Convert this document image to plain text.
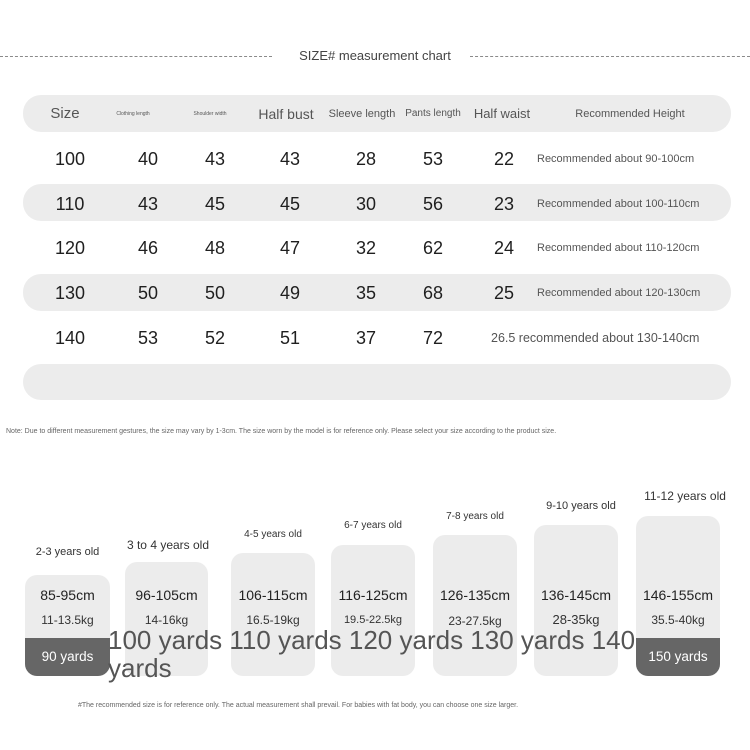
SIZE# measurement chart
Size	Clothing length	Shoulder width	Half bust	Sleeve length Pants length	Half waist	Recommended Height
100	40	43	43	28	53	22	Recommended about 90-100cm
110	43	45	45	30	56	23	Recommended about 100-110cm
120	46	48	47	32	62	24	Recommended about 110-120cm
130	50	50	49	35	68	25	Recommended about 120-130cm
140	53	52	51	37	72	26.5 recommended about 130-140cm
Note: Due to different measurement gestures, the size may vary by 1-3cm. The size worn by the model is for reference only. Please select your size according to the product size.
2-3 years old
85-95cm
11-13.5kg
90 yards
3 to 4 years old
96-105cm
14-16kg
4-5 years old
106-115cm
16.5-19kg
6-7 years old
116-125cm
19.5-22.5kg
7-8 years old
126-135cm
23-27.5kg
9-10 years old
136-145cm
28-35kg
11-12 years old
146-155cm
35.5-40kg
150 yards
100 yards 110 yards 120 yards 130 yards 140 yards
#The recommended size is for reference only. The actual measurement shall prevail. For babies with fat body, you can choose one size larger.
